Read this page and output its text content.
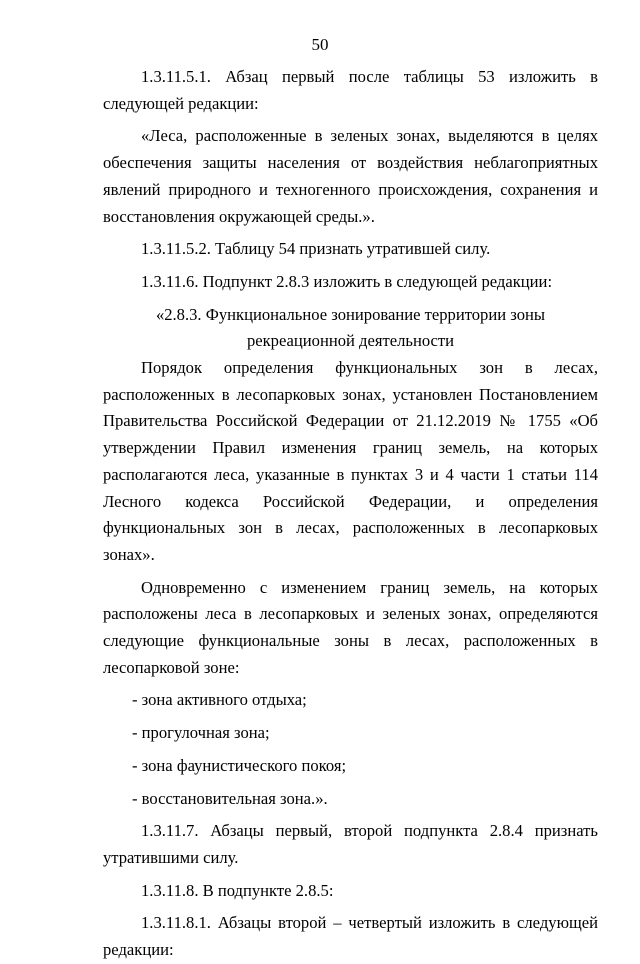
50

1.3.11.5.1. Абзац первый после таблицы 53 изложить в следующей редакции:

«Леса, расположенные в зеленых зонах, выделяются в целях обеспечения защиты населения от воздействия неблагоприятных явлений природного и техногенного происхождения, сохранения и восстановления окружающей среды.».

1.3.11.5.2. Таблицу 54 признать утратившей силу.

1.3.11.6. Подпункт 2.8.3 изложить в следующей редакции:

«2.8.3. Функциональное зонирование территории зоны рекреационной деятельности

Порядок определения функциональных зон в лесах, расположенных в лесопарковых зонах, установлен Постановлением Правительства Российской Федерации от 21.12.2019 № 1755 «Об утверждении Правил изменения границ земель, на которых располагаются леса, указанные в пунктах 3 и 4 части 1 статьи 114 Лесного кодекса Российской Федерации, и определения функциональных зон в лесах, расположенных в лесопарковых зонах».

Одновременно с изменением границ земель, на которых расположены леса в лесопарковых и зеленых зонах, определяются следующие функциональные зоны в лесах, расположенных в лесопарковой зоне:

- зона активного отдыха;

- прогулочная зона;

- зона фаунистического покоя;

- восстановительная зона.».

1.3.11.7. Абзацы первый, второй подпункта 2.8.4 признать утратившими силу.

1.3.11.8. В подпункте 2.8.5:

1.3.11.8.1. Абзацы второй – четвертый изложить в следующей редакции:
